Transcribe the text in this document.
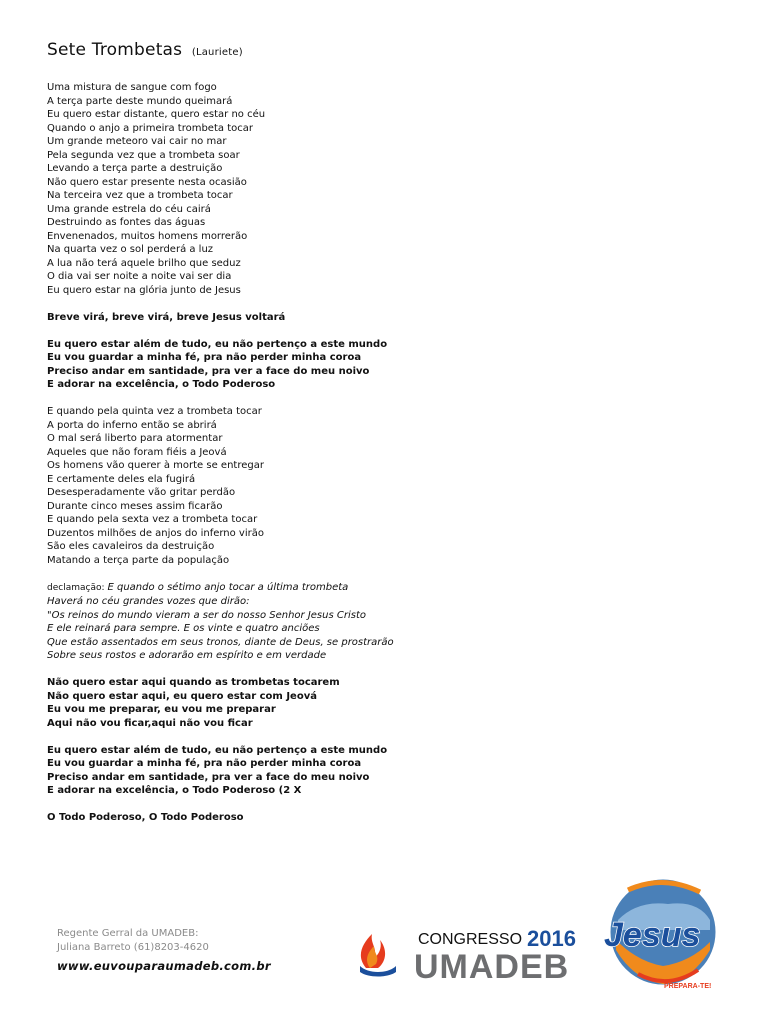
Sete Trombetas (Lauriete)
Uma mistura de sangue com fogo
A terça parte deste mundo queimará
Eu quero estar distante, quero estar no céu
Quando o anjo a primeira trombeta tocar
Um grande meteoro vai cair no mar
Pela segunda vez que a trombeta soar
Levando a terça parte a destruição
Não quero estar presente nesta ocasião
Na terceira vez que a trombeta tocar
Uma grande estrela do céu cairá
Destruindo as fontes das águas
Envenenados, muitos homens morrerão
Na quarta vez o sol perderá a luz
A lua não terá aquele brilho que seduz
O dia vai ser noite a noite vai ser dia
Eu quero estar na glória junto de Jesus
Breve virá, breve virá, breve Jesus voltará
Eu quero estar além de tudo, eu não pertenço a este mundo
Eu vou guardar a minha fé, pra não perder minha coroa
Preciso andar em santidade, pra ver a face do meu noivo
E adorar na excelência, o Todo Poderoso
E quando pela quinta vez a trombeta tocar
A porta do inferno então se abrirá
O mal será liberto para atormentar
Aqueles que não foram fiéis a Jeová
Os homens vão querer à morte se entregar
E certamente deles ela fugirá
Desesperadamente vão gritar perdão
Durante cinco meses assim ficarão
E quando pela sexta vez a trombeta tocar
Duzentos milhões de anjos do inferno virão
São eles cavaleiros da destruição
Matando a terça parte da população
declamação: E quando o sétimo anjo tocar a última trombeta
Haverá no céu grandes vozes que dirão:
"Os reinos do mundo vieram a ser do nosso Senhor Jesus Cristo
E ele reinará para sempre. E os vinte e quatro anciões
Que estão assentados em seus tronos, diante de Deus, se prostrarão
Sobre seus rostos e adorarão em espírito e em verdade
Não quero estar aqui quando as trombetas tocarem
Não quero estar aqui, eu quero estar com Jeová
Eu vou me preparar, eu vou me preparar
Aqui não vou ficar,aqui não vou ficar
Eu quero estar além de tudo, eu não pertenço a este mundo
Eu vou guardar a minha fé, pra não perder minha coroa
Preciso andar em santidade, pra ver a face do meu noivo
E adorar na excelência, o Todo Poderoso (2 X
O Todo Poderoso, O Todo Poderoso
Regente Gerral da UMADEB:
Juliana Barreto (61)8203-4620
www.euvouparaumadeb.com.br
CONGRESSO 2016
UMADEB
Jesus
PREPARA-TE!
